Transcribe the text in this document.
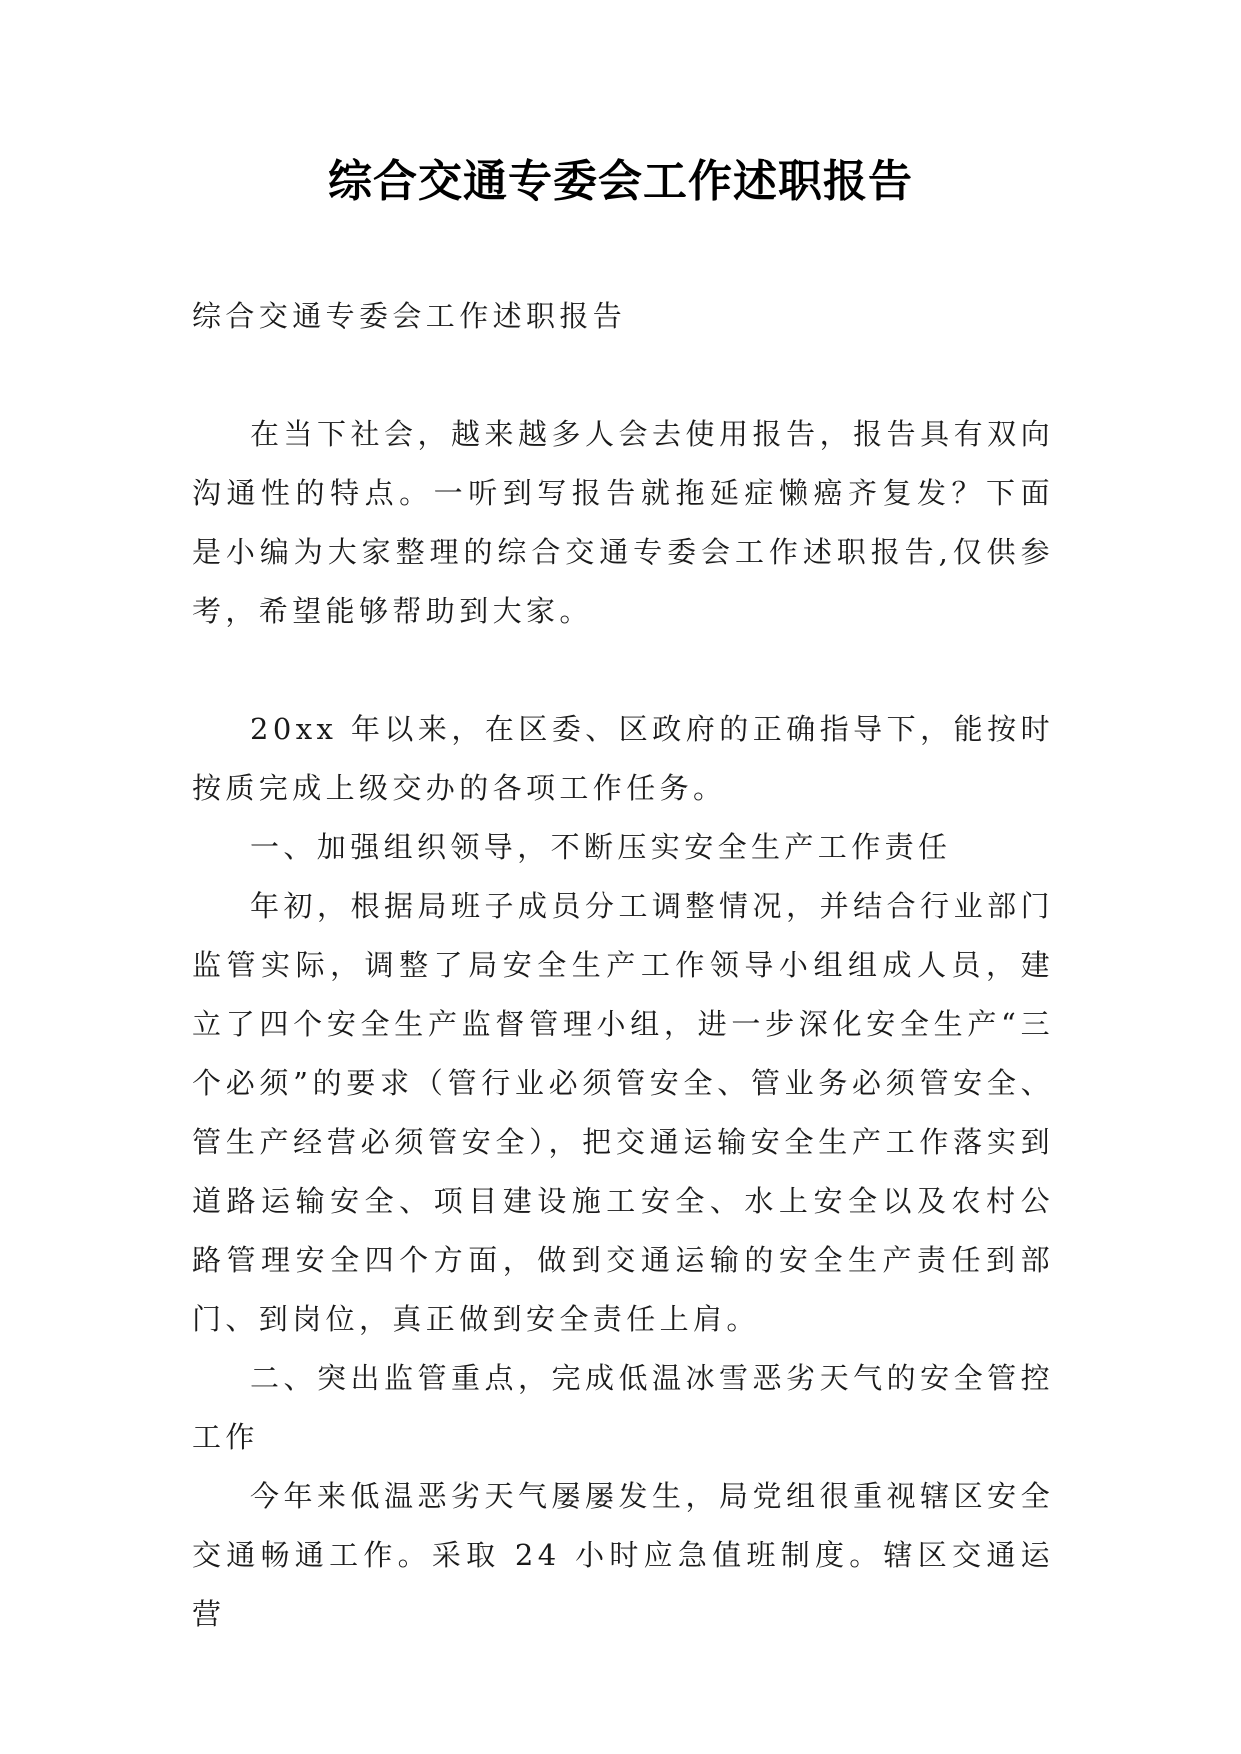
综合交通专委会工作述职报告

综合交通专委会工作述职报告

在当下社会，越来越多人会去使用报告，报告具有双向沟通性的特点。一听到写报告就拖延症懒癌齐复发？下面是小编为大家整理的综合交通专委会工作述职报告,仅供参考，希望能够帮助到大家。

20xx 年以来，在区委、区政府的正确指导下，能按时按质完成上级交办的各项工作任务。

一、加强组织领导，不断压实安全生产工作责任

年初，根据局班子成员分工调整情况，并结合行业部门监管实际，调整了局安全生产工作领导小组组成人员，建立了四个安全生产监督管理小组，进一步深化安全生产“三个必须”的要求（管行业必须管安全、管业务必须管安全、管生产经营必须管安全），把交通运输安全生产工作落实到道路运输安全、项目建设施工安全、水上安全以及农村公路管理安全四个方面，做到交通运输的安全生产责任到部门、到岗位，真正做到安全责任上肩。

二、突出监管重点，完成低温冰雪恶劣天气的安全管控工作

今年来低温恶劣天气屡屡发生，局党组很重视辖区安全交通畅通工作。采取 24 小时应急值班制度。辖区交通运营
